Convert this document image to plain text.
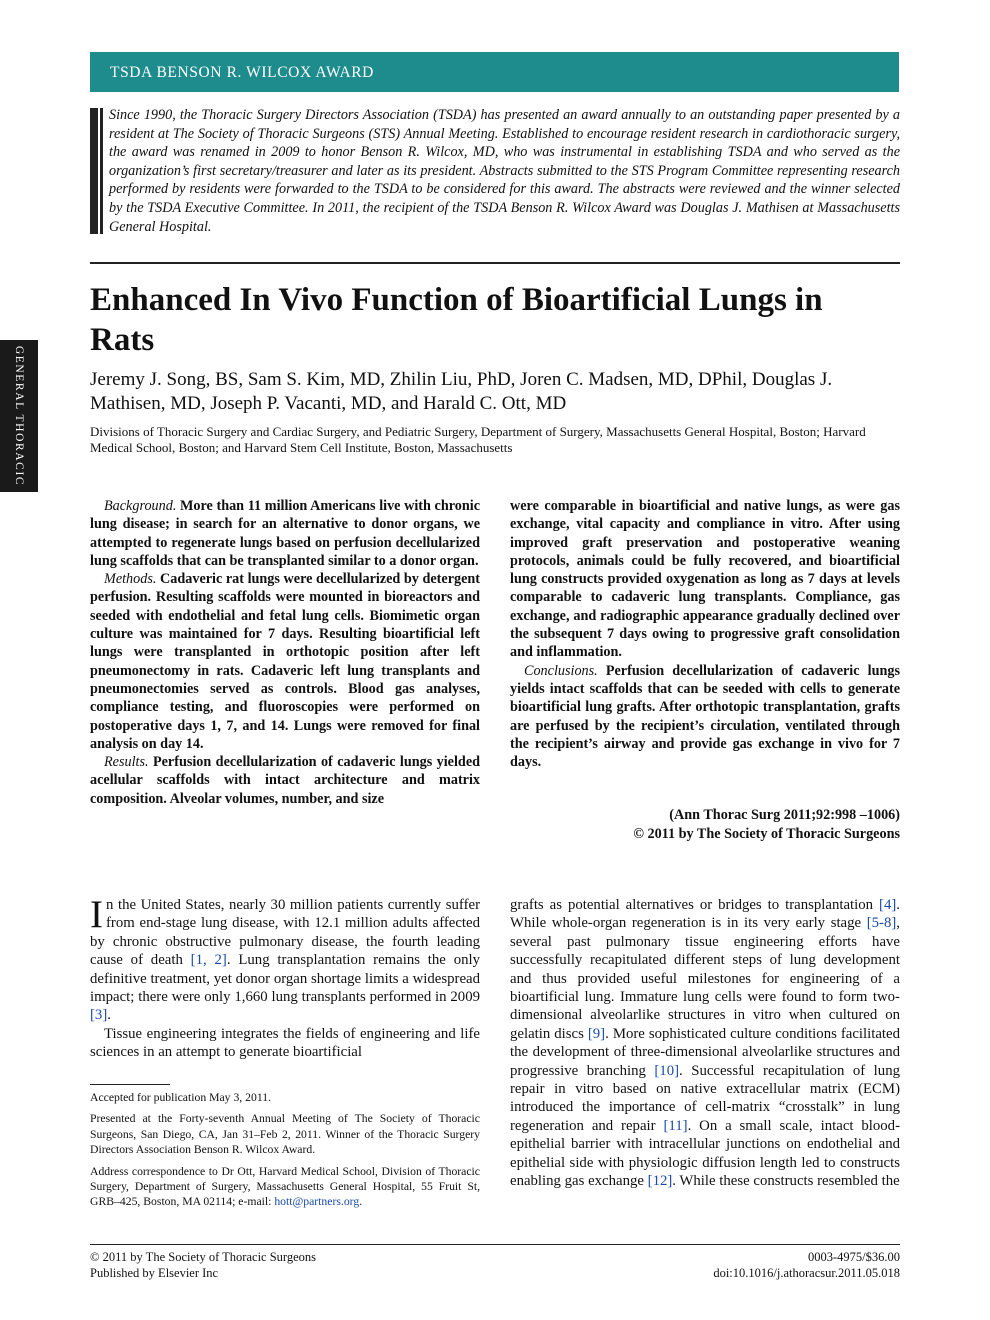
TSDA BENSON R. WILCOX AWARD
Since 1990, the Thoracic Surgery Directors Association (TSDA) has presented an award annually to an outstanding paper presented by a resident at The Society of Thoracic Surgeons (STS) Annual Meeting. Established to encourage resident research in cardiothoracic surgery, the award was renamed in 2009 to honor Benson R. Wilcox, MD, who was instrumental in establishing TSDA and who served as the organization’s first secretary/treasurer and later as its president. Abstracts submitted to the STS Program Committee representing research performed by residents were forwarded to the TSDA to be considered for this award. The abstracts were reviewed and the winner selected by the TSDA Executive Committee. In 2011, the recipient of the TSDA Benson R. Wilcox Award was Douglas J. Mathisen at Massachusetts General Hospital.
Enhanced In Vivo Function of Bioartificial Lungs in Rats
Jeremy J. Song, BS, Sam S. Kim, MD, Zhilin Liu, PhD, Joren C. Madsen, MD, DPhil, Douglas J. Mathisen, MD, Joseph P. Vacanti, MD, and Harald C. Ott, MD
Divisions of Thoracic Surgery and Cardiac Surgery, and Pediatric Surgery, Department of Surgery, Massachusetts General Hospital, Boston; Harvard Medical School, Boston; and Harvard Stem Cell Institute, Boston, Massachusetts
GENERAL THORACIC

Background. More than 11 million Americans live with chronic lung disease; in search for an alternative to donor organs, we attempted to regenerate lungs based on perfusion decellularized lung scaffolds that can be transplanted similar to a donor organ.

Methods. Cadaveric rat lungs were decellularized by detergent perfusion. Resulting scaffolds were mounted in bioreactors and seeded with endothelial and fetal lung cells. Biomimetic organ culture was maintained for 7 days. Resulting bioartificial left lungs were transplanted in orthotopic position after left pneumonectomy in rats. Cadaveric left lung transplants and pneumonectomies served as controls. Blood gas analyses, compliance testing, and fluoroscopies were performed on postoperative days 1, 7, and 14. Lungs were removed for final analysis on day 14.

Results. Perfusion decellularization of cadaveric lungs yielded acellular scaffolds with intact architecture and matrix composition. Alveolar volumes, number, and size

were comparable in bioartificial and native lungs, as were gas exchange, vital capacity and compliance in vitro. After using improved graft preservation and postoperative weaning protocols, animals could be fully recovered, and bioartificial lung constructs provided oxygenation as long as 7 days at levels comparable to cadaveric lung transplants. Compliance, gas exchange, and radiographic appearance gradually declined over the subsequent 7 days owing to progressive graft consolidation and inflammation.

Conclusions. Perfusion decellularization of cadaveric lungs yields intact scaffolds that can be seeded with cells to generate bioartificial lung grafts. After orthotopic transplantation, grafts are perfused by the recipient’s circulation, ventilated through the recipient’s airway and provide gas exchange in vivo for 7 days.

(Ann Thorac Surg 2011;92:998 –1006)
© 2011 by The Society of Thoracic Surgeons

In the United States, nearly 30 million patients currently suffer from end-stage lung disease, with 12.1 million adults affected by chronic obstructive pulmonary disease, the fourth leading cause of death [1, 2]. Lung transplantation remains the only definitive treatment, yet donor organ shortage limits a widespread impact; there were only 1,660 lung transplants performed in 2009 [3].

Tissue engineering integrates the fields of engineering and life sciences in an attempt to generate bioartificial

grafts as potential alternatives or bridges to transplantation [4]. While whole-organ regeneration is in its very early stage [5-8], several past pulmonary tissue engineering efforts have successfully recapitulated different steps of lung development and thus provided useful milestones for engineering of a bioartificial lung. Immature lung cells were found to form two-dimensional alveolarlike structures in vitro when cultured on gelatin discs [9]. More sophisticated culture conditions facilitated the development of three-dimensional alveolarlike structures and progressive branching [10]. Successful recapitulation of lung repair in vitro based on native extracellular matrix (ECM) introduced the importance of cell-matrix “crosstalk” in lung regeneration and repair [11]. On a small scale, intact blood-epithelial barrier with intracellular junctions on endothelial and epithelial side with physiologic diffusion length led to constructs enabling gas exchange [12]. While these constructs resembled the

Accepted for publication May 3, 2011.

Presented at the Forty-seventh Annual Meeting of The Society of Thoracic Surgeons, San Diego, CA, Jan 31–Feb 2, 2011. Winner of the Thoracic Surgery Directors Association Benson R. Wilcox Award.

Address correspondence to Dr Ott, Harvard Medical School, Division of Thoracic Surgery, Department of Surgery, Massachusetts General Hospital, 55 Fruit St, GRB–425, Boston, MA 02114; e-mail: hott@partners.org.

© 2011 by The Society of Thoracic Surgeons
Published by Elsevier Inc
0003-4975/$36.00
doi:10.1016/j.athoracsur.2011.05.018
